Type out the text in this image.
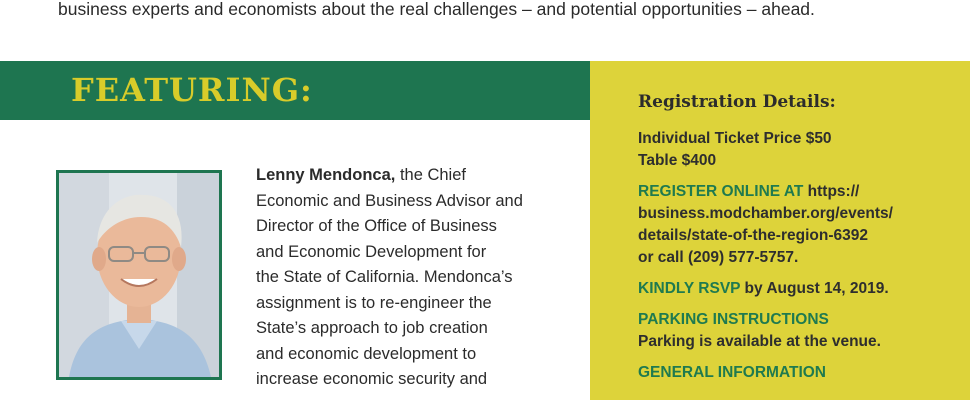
business experts and economists about the real challenges – and potential opportunities – ahead.
FEATURING:
Lenny Mendonca, the Chief
Economic and Business Advisor and
Director of the Office of Business
and Economic Development for
the State of California. Mendonca’s
assignment is to re-engineer the
State’s approach to job creation
and economic development to
increase economic security and
Registration Details:
Individual Ticket Price $50
Table $400
REGISTER ONLINE AT https://
business.modchamber.org/events/
details/state-of-the-region-6392
or call (209) 577-5757.
KINDLY RSVP by August 14, 2019.
PARKING INSTRUCTIONS
Parking is available at the venue.
GENERAL INFORMATION
